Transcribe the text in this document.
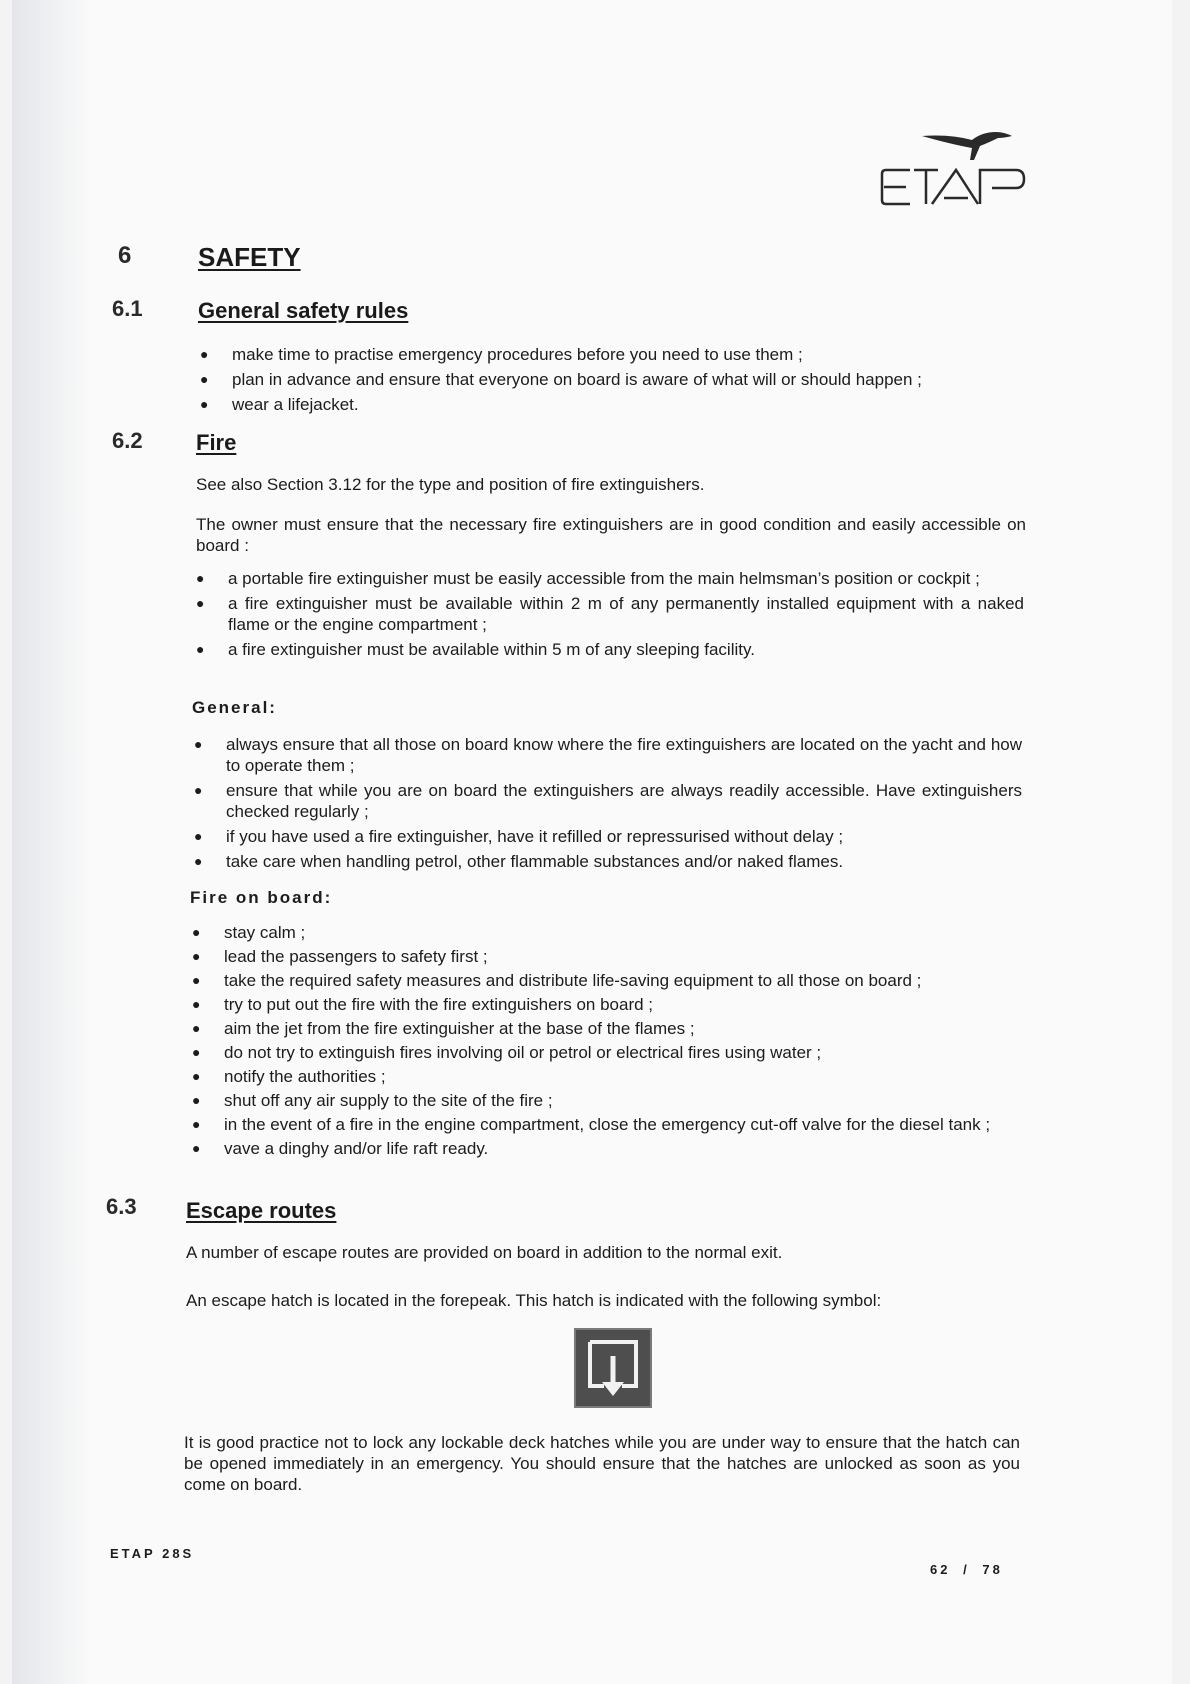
6	SAFETY
6.1	General safety rules
● make time to practise emergency procedures before you need to use them ;
● plan in advance and ensure that everyone on board is aware of what will or should happen ;
● wear a lifejacket.
6.2 Fire
See also Section 3.12 for the type and position of fire extinguishers.
The owner must ensure that the necessary fire extinguishers are in good condition and easily accessible on board :
● a portable fire extinguisher must be easily accessible from the main helmsman’s position or cockpit ;
● a fire extinguisher must be available within 2 m of any permanently installed equipment with a naked flame or the engine compartment ;
● a fire extinguisher must be available within 5 m of any sleeping facility.
General:
● always ensure that all those on board know where the fire extinguishers are located on the yacht and how to operate them ;
● ensure that while you are on board the extinguishers are always readily accessible. Have extinguishers checked regularly ;
● if you have used a fire extinguisher, have it refilled or repressurised without delay ;
● take care when handling petrol, other flammable substances and/or naked flames.
Fire on board:
● stay calm ;
● lead the passengers to safety first ;
● take the required safety measures and distribute life-saving equipment to all those on board ;
● try to put out the fire with the fire extinguishers on board ;
● aim the jet from the fire extinguisher at the base of the flames ;
● do not try to extinguish fires involving oil or petrol or electrical fires using water ;
● notify the authorities ;
● shut off any air supply to the site of the fire ;
● in the event of a fire in the engine compartment, close the emergency cut-off valve for the diesel tank ;
● vave a dinghy and/or life raft ready.
6.3 Escape routes
A number of escape routes are provided on board in addition to the normal exit.
An escape hatch is located in the forepeak. This hatch is indicated with the following symbol:
It is good practice not to lock any lockable deck hatches while you are under way to ensure that the hatch can be opened immediately in an emergency. You should ensure that the hatches are unlocked as soon as you come on board.
ETAP 28S
62 / 78
